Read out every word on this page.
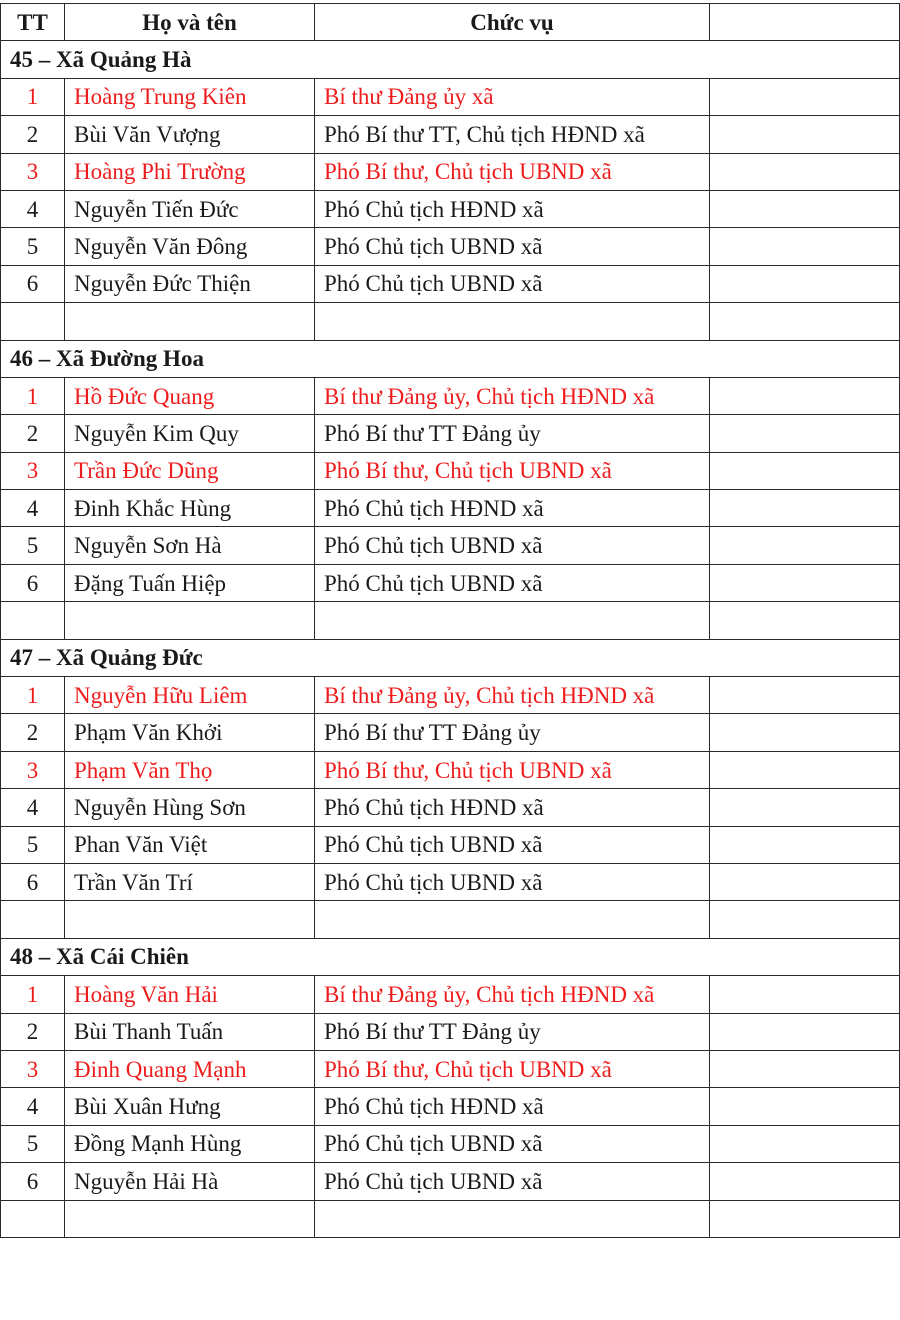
TT	Họ và tên	Chức vụ	
45 – Xã Quảng Hà			
1	Hoàng Trung Kiên	Bí thư Đảng ủy xã	
2	Bùi Văn Vượng	Phó Bí thư TT, Chủ tịch HĐND xã	
3	Hoàng Phi Trường	Phó Bí thư, Chủ tịch UBND xã	
4	Nguyễn Tiến Đức	Phó Chủ tịch HĐND xã	
5	Nguyễn Văn Đông	Phó Chủ tịch UBND xã	
6	Nguyễn Đức Thiện	Phó Chủ tịch UBND xã	

46 – Xã Đường Hoa			
1	Hồ Đức Quang	Bí thư Đảng ủy, Chủ tịch HĐND xã	
2	Nguyễn Kim Quy	Phó Bí thư TT Đảng ủy	
3	Trần Đức Dũng	Phó Bí thư, Chủ tịch UBND xã	
4	Đinh Khắc Hùng	Phó Chủ tịch HĐND xã	
5	Nguyễn Sơn Hà	Phó Chủ tịch UBND xã	
6	Đặng Tuấn Hiệp	Phó Chủ tịch UBND xã	

47 – Xã Quảng Đức			
1	Nguyễn Hữu Liêm	Bí thư Đảng ủy, Chủ tịch HĐND xã	
2	Phạm Văn Khởi	Phó Bí thư TT Đảng ủy	
3	Phạm Văn Thọ	Phó Bí thư, Chủ tịch UBND xã	
4	Nguyễn Hùng Sơn	Phó Chủ tịch HĐND xã	
5	Phan Văn Việt	Phó Chủ tịch UBND xã	
6	Trần Văn Trí	Phó Chủ tịch UBND xã	

48 – Xã Cái Chiên			
1	Hoàng Văn Hải	Bí thư Đảng ủy, Chủ tịch HĐND xã	
2	Bùi Thanh Tuấn	Phó Bí thư TT Đảng ủy	
3	Đinh Quang Mạnh	Phó Bí thư, Chủ tịch UBND xã	
4	Bùi Xuân Hưng	Phó Chủ tịch HĐND xã	
5	Đồng Mạnh Hùng	Phó Chủ tịch UBND xã	
6	Nguyễn Hải Hà	Phó Chủ tịch UBND xã	
